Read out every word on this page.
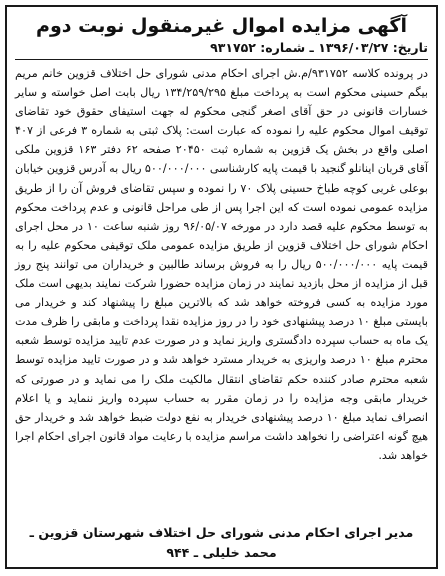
آگهی مزایده اموال غیرمنقول نوبت دوم
تاریخ: ۱۳۹۶/۰۳/۲۷ ـ شماره: ۹۳۱۷۵۲

در پرونده کلاسه ۹۳۱۷۵۲/م.ش اجرای احکام مدنی شورای حل اختلاف قزوین خانم مریم بیگم حسینی محکوم است به پرداخت مبلغ ۱۳۴/۲۵۹/۲۹۵ ریال بابت اصل خواسته و سایر خسارات قانونی در حق آقای اصغر گنجی محکوم له جهت استیفای حقوق خود تقاضای توقیف اموال محکوم علیه را نموده که عبارت است: پلاک ثبتی به شماره ۳ فرعی از ۴۰۷ اصلی واقع در بخش یک قزوین به شماره ثبت ۲۰۴۵۰ صفحه ۶۲ دفتر ۱۶۳ قزوین ملکی آقای قربان اینانلو گنجید با قیمت پایه کارشناسی ۵۰۰/۰۰۰/۰۰۰ ریال به آدرس قزوین خیابان بوعلی غربی کوچه طباخ حسینی پلاک ۷۰ را نموده و سپس تقاضای فروش آن را از طریق مزایده عمومی نموده است که این اجرا پس از طی مراحل قانونی و عدم پرداخت محکوم به توسط محکوم علیه قصد دارد در مورخه ۹۶/۰۵/۰۷ روز شنبه ساعت ۱۰ در محل اجرای احکام شورای حل اختلاف قزوین از طریق مزایده عمومی ملک توقیفی محکوم علیه را به قیمت پایه ۵۰۰/۰۰۰/۰۰۰ ریال را به فروش برساند طالبین و خریداران می توانند پنج روز قبل از مزایده از محل بازدید نمایند در زمان مزایده حضورا شرکت نمایند بدیهی است ملک مورد مزایده به کسی فروخته خواهد شد که بالاترین مبلغ را پیشنهاد کند و خریدار می بایستی مبلغ ۱۰ درصد پیشنهادی خود را در روز مزایده نقدا پرداخت و مابقی را ظرف مدت یک ماه به حساب سپرده دادگستری واریز نماید و در صورت عدم تایید مزایده توسط شعبه محترم مبلغ ۱۰ درصد واریزی به خریدار مسترد خواهد شد و در صورت تایید مزایده توسط شعبه محترم صادر کننده حکم تقاضای انتقال مالکیت ملک را می نماید و در صورتی که خریدار مابقی وجه مزایده را در زمان مقرر به حساب سپرده واریز ننماید و یا اعلام انصراف نماید مبلغ ۱۰ درصد پیشنهادی خریدار به نفع دولت ضبط خواهد شد و خریدار حق هیچ گونه اعتراضی را نخواهد داشت مراسم مزایده با رعایت مواد قانون اجرای احکام اجرا خواهد شد.

مدیر اجرای احکام مدنی شورای حل اختلاف شهرستان قزوین ـ
محمد خلیلی ـ ۹۴۴
